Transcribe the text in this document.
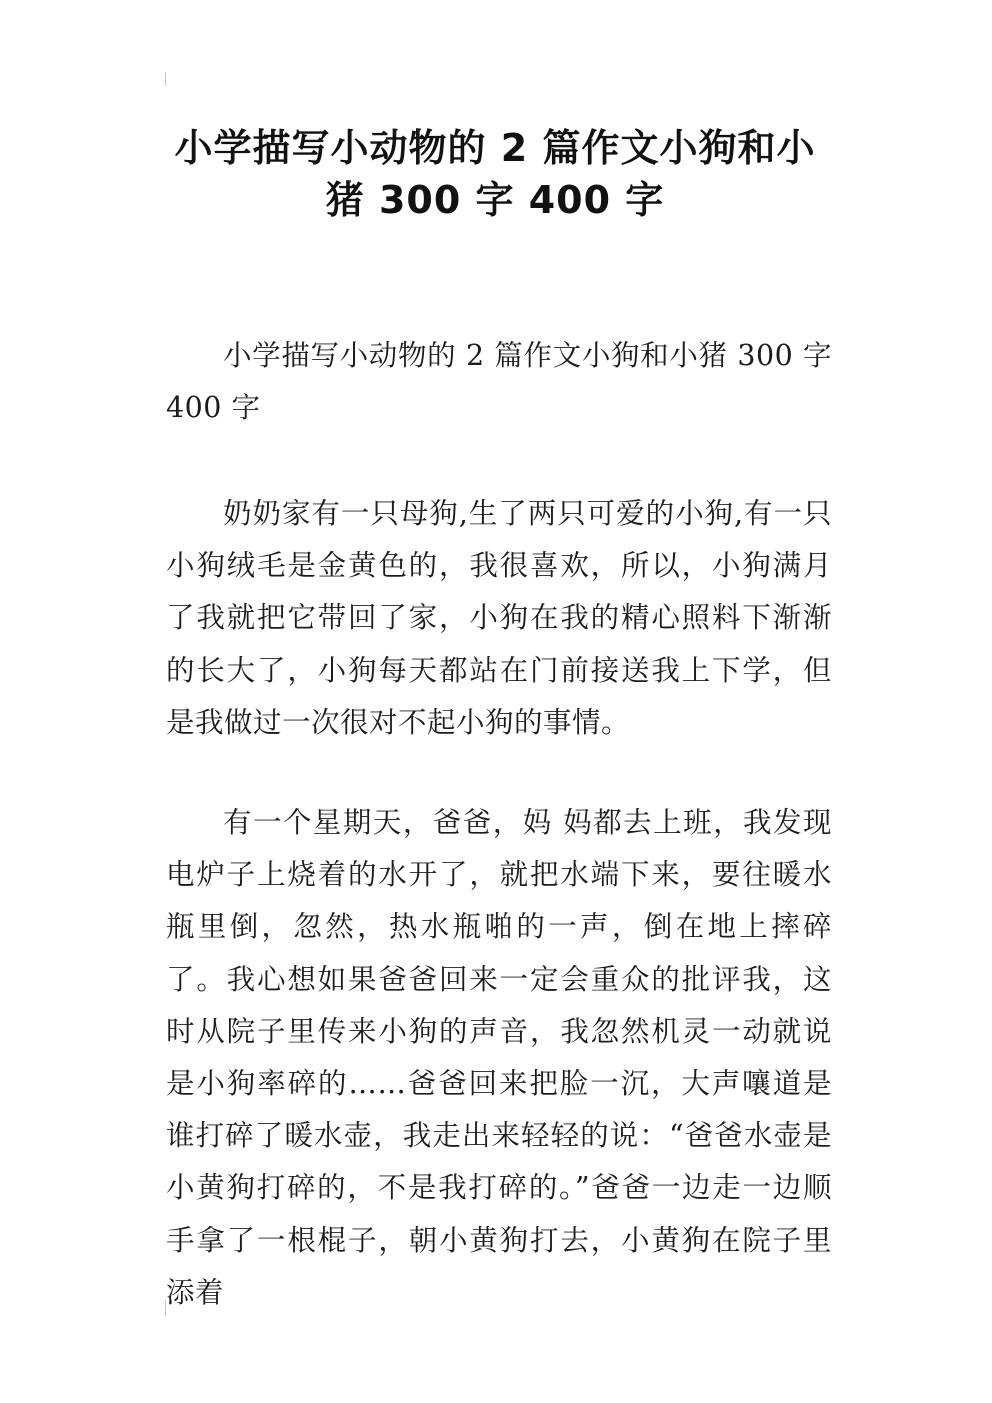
小学描写小动物的 2 篇作文小狗和小猪 300 字 400 字

小学描写小动物的 2 篇作文小狗和小猪 300 字 400 字

奶奶家有一只母狗,生了两只可爱的小狗,有一只小狗绒毛是金黄色的，我很喜欢，所以，小狗满月了我就把它带回了家，小狗在我的精心照料下渐渐的长大了，小狗每天都站在门前接送我上下学，但是我做过一次很对不起小狗的事情。

有一个星期天，爸爸，妈 妈都去上班，我发现电炉子上烧着的水开了，就把水端下来，要往暖水瓶里倒，忽然，热水瓶啪的一声，倒在地上摔碎了。我心想如果爸爸回来一定会重众的批评我，这时从院子里传来小狗的声音，我忽然机灵一动就说是小狗率碎的……爸爸回来把脸一沉，大声嚷道是谁打碎了暖水壶，我走出来轻轻的说：“爸爸水壶是小黄狗打碎的，不是我打碎的。”爸爸一边走一边顺手拿了一根棍子，朝小黄狗打去，小黄狗在院子里添着
